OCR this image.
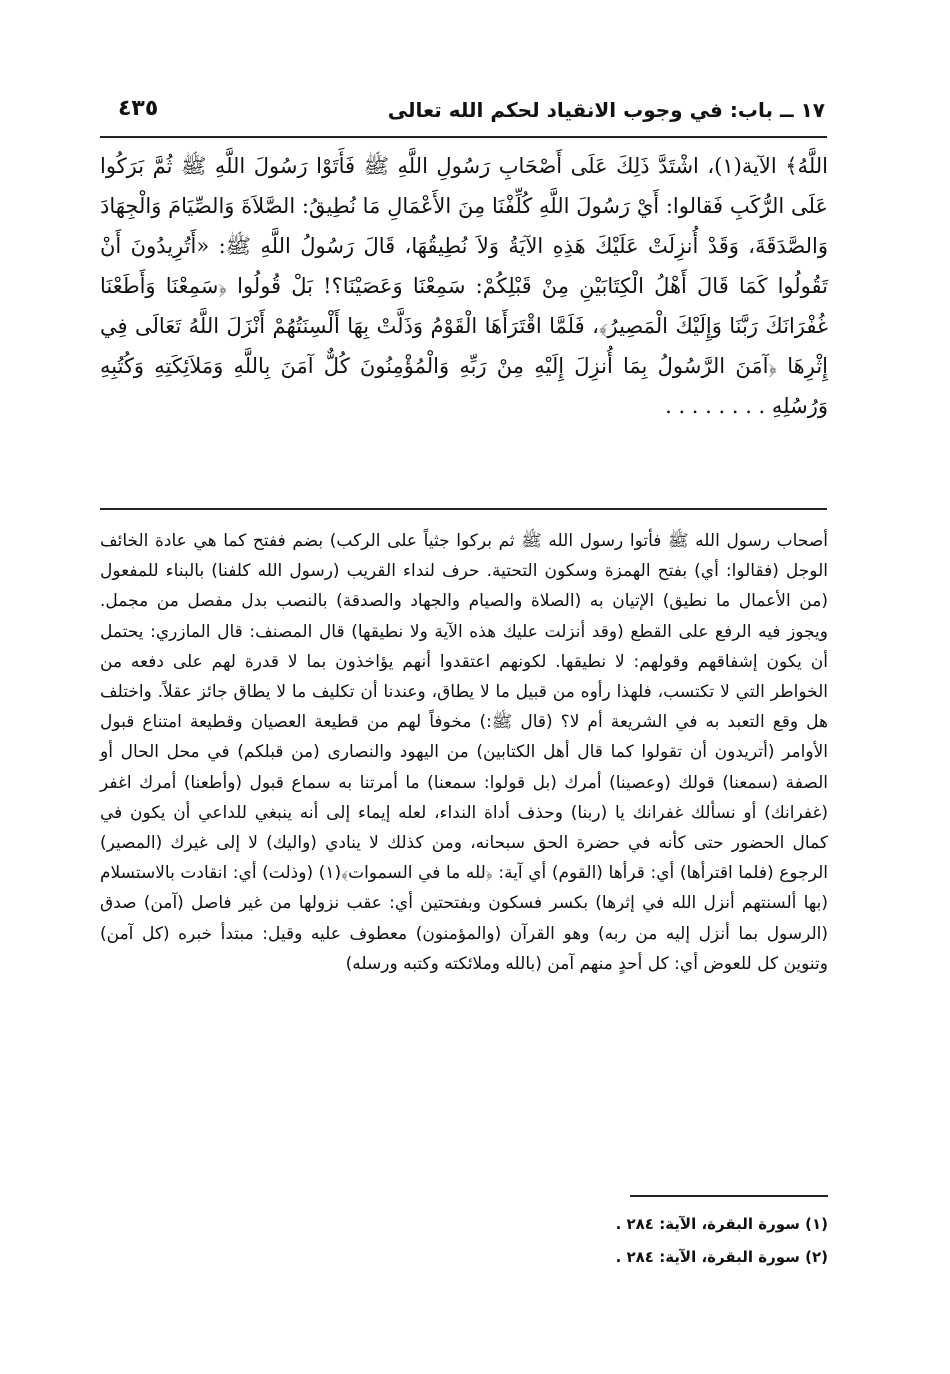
١٧ ــ باب: في وجوب الانقياد لحكم الله تعالى
٤٣٥

اللَّهُ﴾ الآية(١)، اشْتَدَّ ذَلِكَ عَلَى أَصْحَابِ رَسُولِ اللَّهِ ﷺ فَأَتَوْا رَسُولَ اللَّهِ ﷺ ثُمَّ بَرَكُوا عَلَى الرُّكَبِ فَقالوا: أَيْ رَسُولَ اللَّهِ كُلِّفْنَا مِنَ الأَعْمَالِ مَا نُطِيقُ: الصَّلاَةَ وَالصِّيَامَ وَالْجِهَادَ وَالصَّدَقَةَ، وَقَدْ أُنزِلَتْ عَلَيْكَ هَذِهِ الآيَةُ وَلاَ نُطِيقُهَا، قَالَ رَسُولُ اللَّهِ ﷺ: «أَتُرِيدُونَ أَنْ تَقُولُوا كَمَا قَالَ أَهْلُ الْكِتَابَيْنِ مِنْ قَبْلِكُمْ: سَمِعْنَا وَعَصَيْنَا؟! بَلْ قُولُوا ﴿سَمِعْنَا وَأَطَعْنَا غُفْرَانَكَ رَبَّنَا وَإِلَيْكَ الْمَصِيرُ﴾، فَلَمَّا اقْتَرَأَهَا الْقَوْمُ وَذَلَّتْ بِهَا أَلْسِنَتُهُمْ أَنْزَلَ اللَّهُ تَعَالَى فِي إِثْرِهَا ﴿آمَنَ الرَّسُولُ بِمَا أُنزِلَ إِلَيْهِ مِنْ رَبِّهِ وَالْمُؤْمِنُونَ كُلٌّ آمَنَ بِاللَّهِ وَمَلاَئِكَتِهِ وَكُتُبِهِ وَرُسُلِهِ . . . . . . . .

أصحاب رسول الله ﷺ فأتوا رسول الله ﷺ ثم بركوا جثياً على الركب) بضم ففتح كما هي عادة الخائف الوجل (فقالوا: أي) بفتح الهمزة وسكون التحتية. حرف لنداء القريب (رسول الله كلفنا) بالبناء للمفعول (من الأعمال ما نطيق) الإتيان به (الصلاة والصيام والجهاد والصدقة) بالنصب بدل مفصل من مجمل. ويجوز فيه الرفع على القطع (وقد أنزلت عليك هذه الآية ولا نطيقها) قال المصنف: قال المازري: يحتمل أن يكون إشفاقهم وقولهم: لا نطيقها. لكونهم اعتقدوا أنهم يؤاخذون بما لا قدرة لهم على دفعه من الخواطر التي لا تكتسب، فلهذا رأوه من قبيل ما لا يطاق، وعندنا أن تكليف ما لا يطاق جائز عقلاً. واختلف هل وقع التعبد به في الشريعة أم لا؟ (قال ﷺ:) مخوفاً لهم من قطيعة العصيان وقطيعة امتناع قبول الأوامر (أتريدون أن تقولوا كما قال أهل الكتابين) من اليهود والنصارى (من قبلكم) في محل الحال أو الصفة (سمعنا) قولك (وعصينا) أمرك (بل قولوا: سمعنا) ما أمرتنا به سماع قبول (وأطعنا) أمرك اغفر (غفرانك) أو نسألك غفرانك يا (ربنا) وحذف أداة النداء، لعله إيماء إلى أنه ينبغي للداعي أن يكون في كمال الحضور حتى كأنه في حضرة الحق سبحانه، ومن كذلك لا ينادي (واليك) لا إلى غيرك (المصير) الرجوع (فلما اقترأها) أي: قرأها (القوم) أي آية: ﴿لله ما في السموات﴾(١) (وذلت) أي: انقادت بالاستسلام (بها ألسنتهم أنزل الله في إثرها) بكسر فسكون وبفتحتين أي: عقب نزولها من غير فاصل (آمن) صدق (الرسول بما أنزل إليه من ربه) وهو القرآن (والمؤمنون) معطوف عليه وقيل: مبتدأ خبره (كل آمن) وتنوين كل للعوض أي: كل أحدٍ منهم آمن (بالله وملائكته وكتبه ورسله)

(١) سورة البقرة، الآية: ٢٨٤ .
(٢) سورة البقرة، الآية: ٢٨٤ .
